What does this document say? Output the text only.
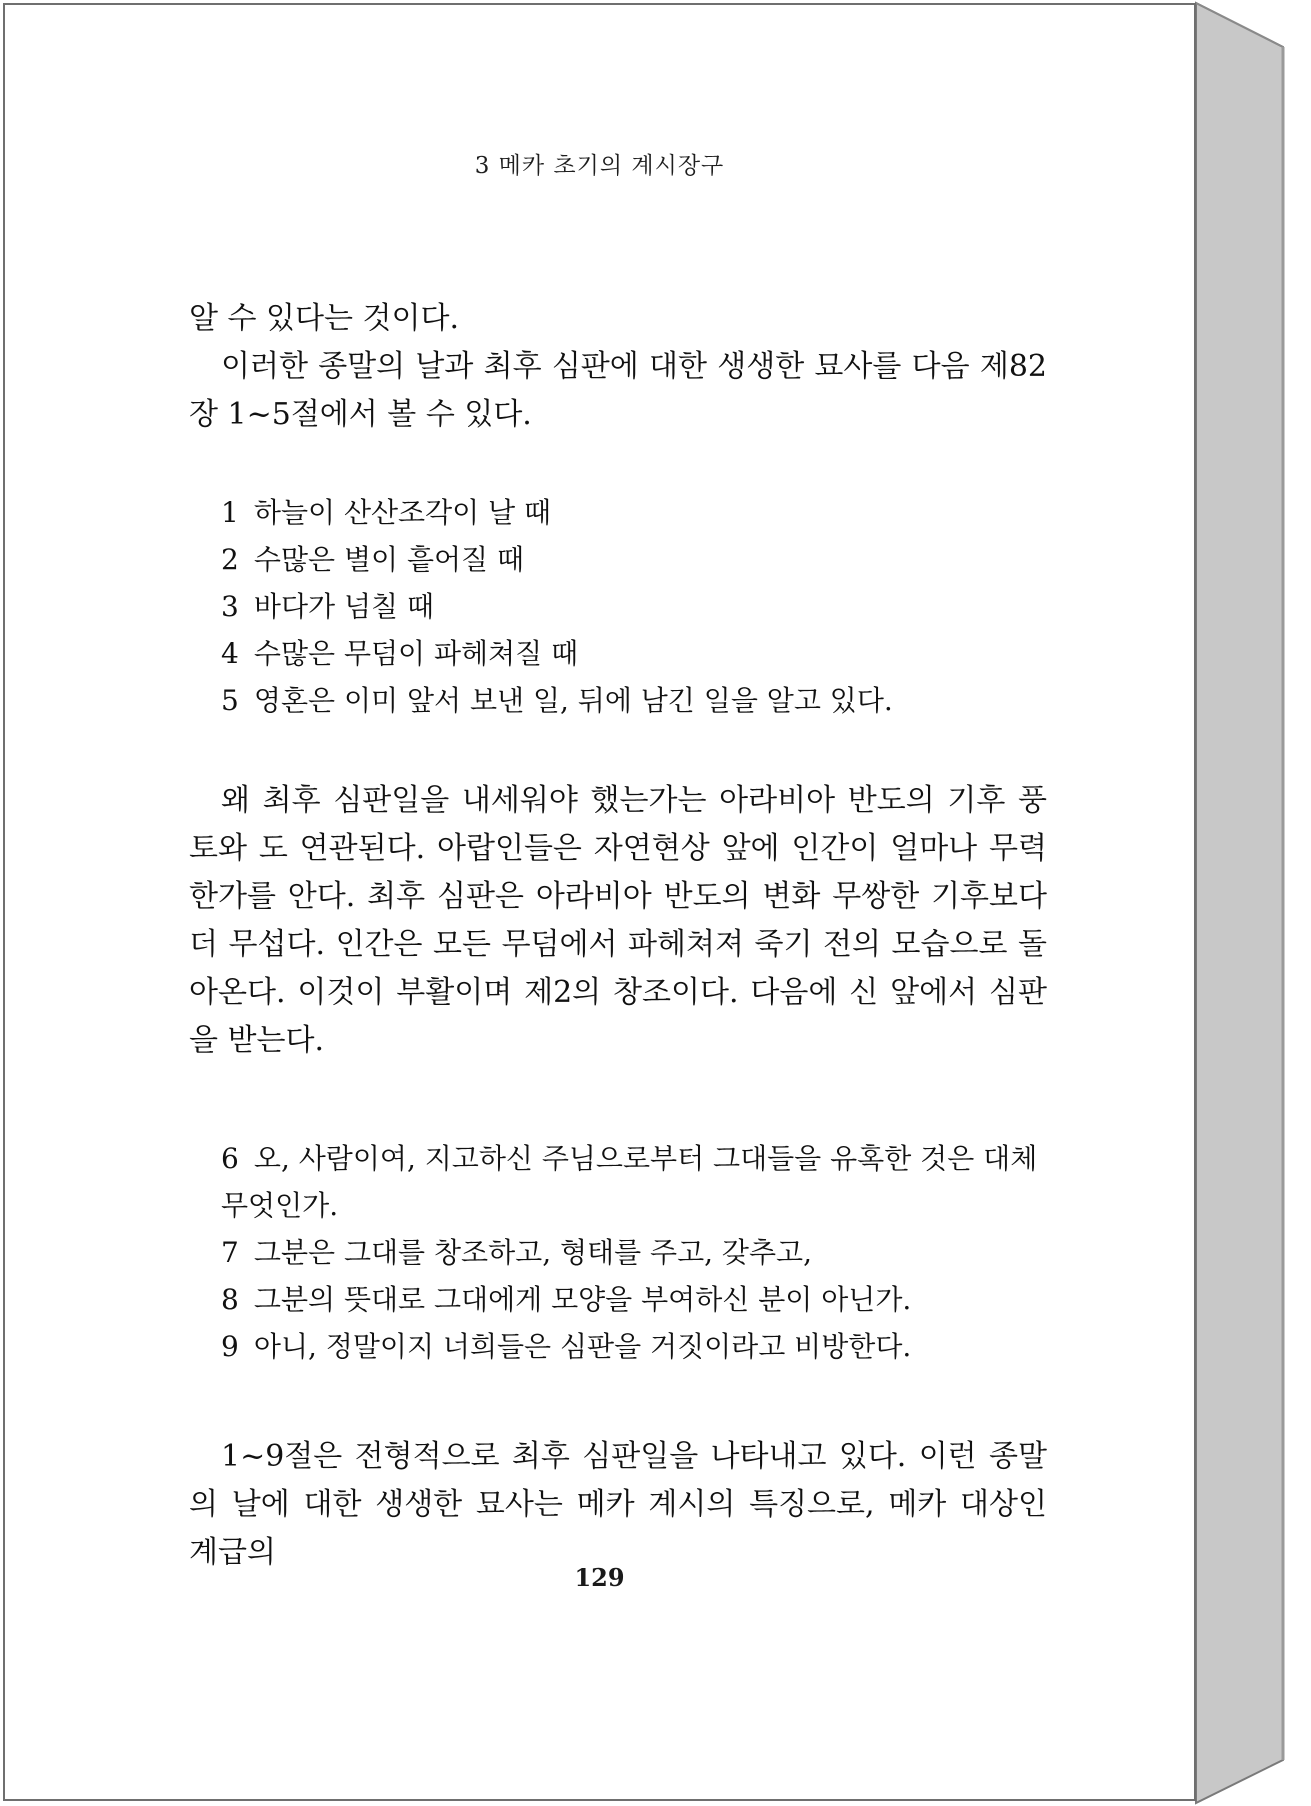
3 메카 초기의 계시장구

알 수 있다는 것이다.

이러한 종말의 날과 최후 심판에 대한 생생한 묘사를 다음 제82장 1~5절에서 볼 수 있다.

1 하늘이 산산조각이 날 때

2 수많은 별이 흩어질 때

3 바다가 넘칠 때

4 수많은 무덤이 파헤쳐질 때

5 영혼은 이미 앞서 보낸 일, 뒤에 남긴 일을 알고 있다.

왜 최후 심판일을 내세워야 했는가는 아라비아 반도의 기후 풍토와 도 연관된다. 아랍인들은 자연현상 앞에 인간이 얼마나 무력한가를 안다. 최후 심판은 아라비아 반도의 변화 무쌍한 기후보다 더 무섭다. 인간은 모든 무덤에서 파헤쳐져 죽기 전의 모습으로 돌아온다. 이것이 부활이며 제2의 창조이다. 다음에 신 앞에서 심판을 받는다.

6 오, 사람이여, 지고하신 주님으로부터 그대들을 유혹한 것은 대체 무엇인가.

7 그분은 그대를 창조하고, 형태를 주고, 갖추고,

8 그분의 뜻대로 그대에게 모양을 부여하신 분이 아닌가.

9 아니, 정말이지 너희들은 심판을 거짓이라고 비방한다.

1~9절은 전형적으로 최후 심판일을 나타내고 있다. 이런 종말의 날에 대한 생생한 묘사는 메카 계시의 특징으로, 메카 대상인 계급의

129
